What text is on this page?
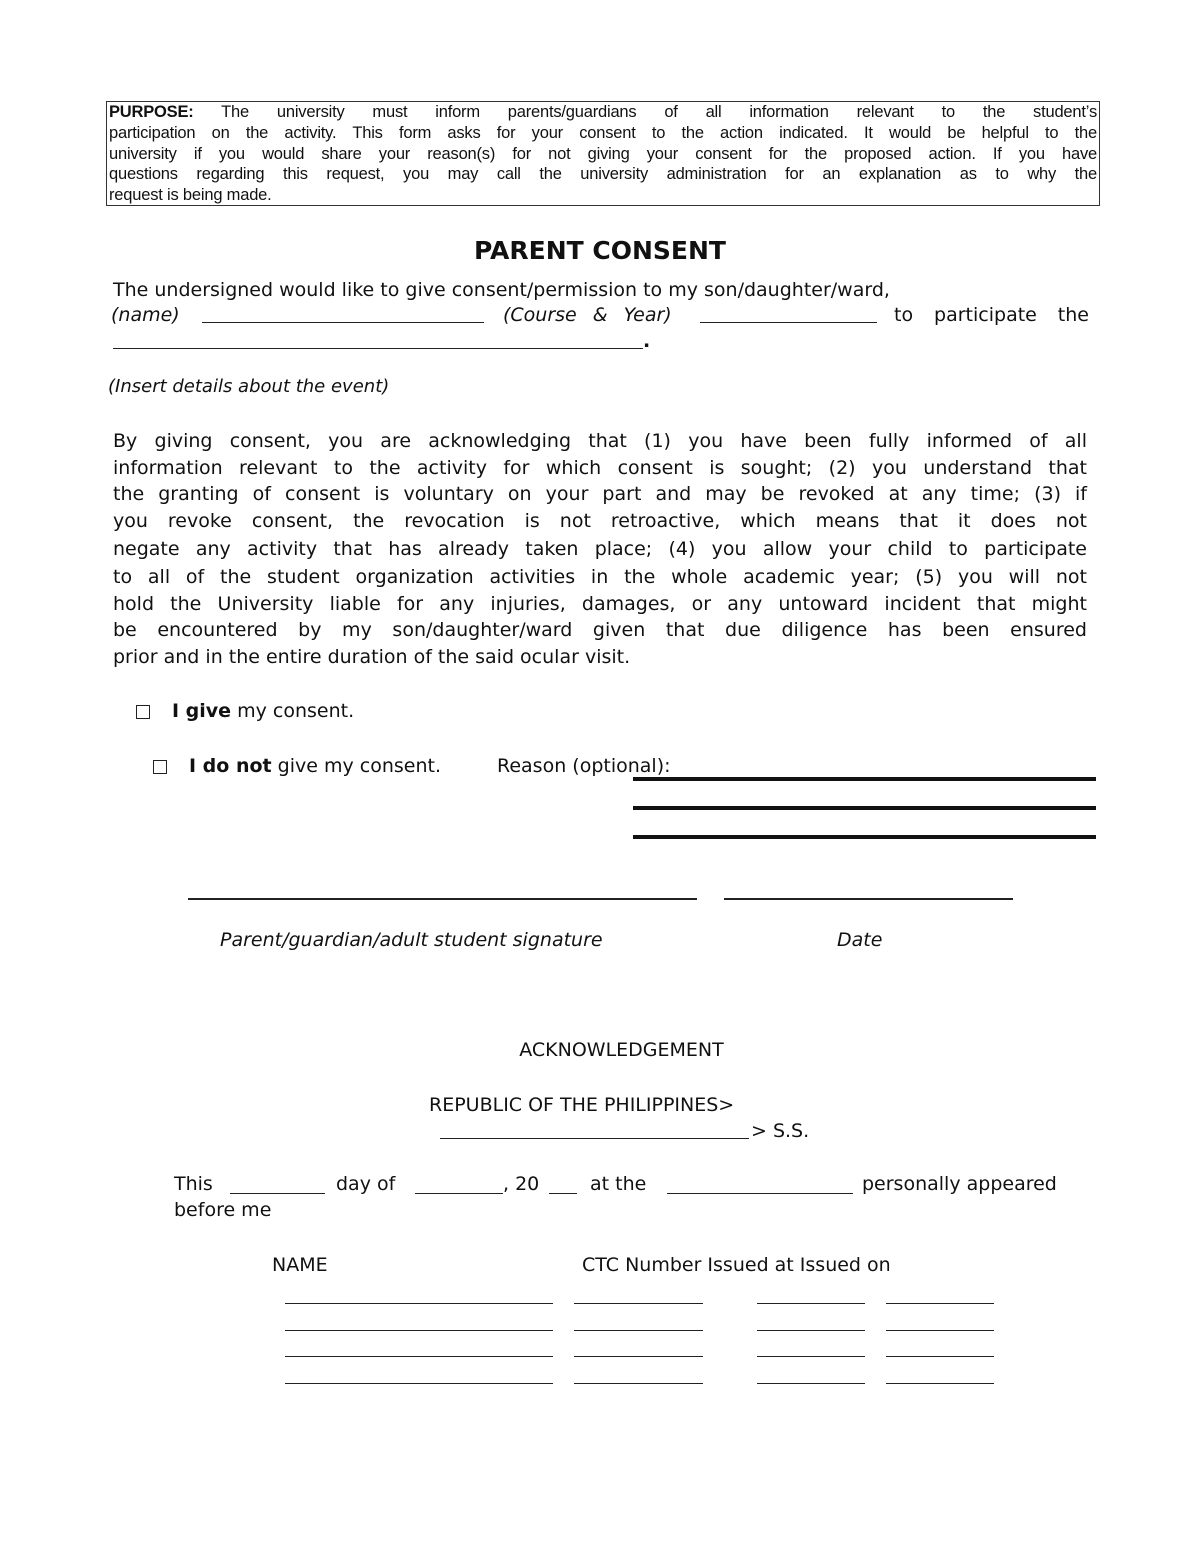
PURPOSE: The university must inform parents/guardians of all information relevant to the student’s
participation on the activity. This form asks for your consent to the action indicated. It would be helpful to the
university if you would share your reason(s) for not giving your consent for the proposed action. If you have
questions regarding this request, you may call the university administration for an explanation as to why the
request is being made.
PARENT CONSENT
The undersigned would like to give consent/permission to my son/daughter/ward,
(name)	(Course & Year)	to participate the
.
(Insert details about the event)
By giving consent, you are acknowledging that (1) you have been fully informed of all
information relevant to the activity for which consent is sought; (2) you understand that
the granting of consent is voluntary on your part and may be revoked at any time; (3) if
you revoke consent, the revocation is not retroactive, which means that it does not
negate any activity that has already taken place; (4) you allow your child to participate
to all of the student organization activities in the whole academic year; (5) you will not
hold the University liable for any injuries, damages, or any untoward incident that might
be encountered by my son/daughter/ward given that due diligence has been ensured
prior and in the entire duration of the said ocular visit.
I give my consent.
I do not give my consent.	Reason (optional):
Parent/guardian/adult student signature	Date
ACKNOWLEDGEMENT
REPUBLIC OF THE PHILIPPINES>
> S.S.
This	day of	, 20	at the	personally appeared
before me
NAME	CTC Number Issued at Issued on
